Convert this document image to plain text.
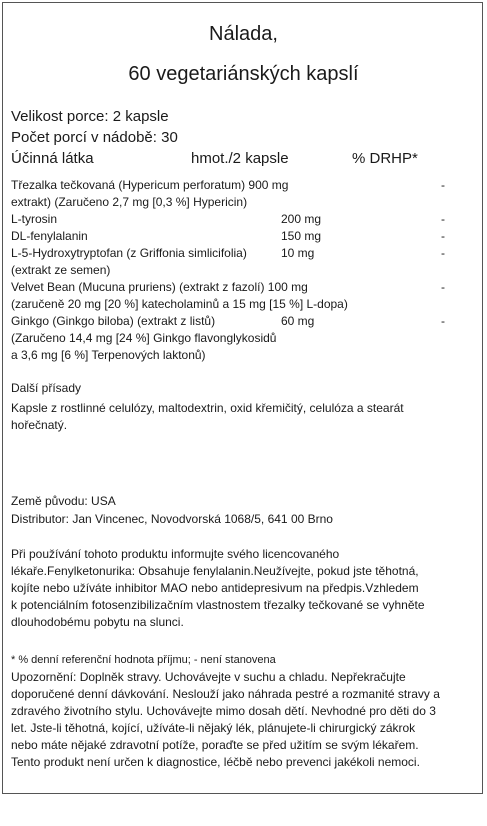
Nálada,
60 vegetariánských kapslí
Velikost porce: 2 kapsle
Počet porcí v nádobě: 30
Účinná látka	hmot./2 kapsle	% DRHP*
Třezalka tečkovaná (Hypericum perforatum) 900 mg	-
extrakt) (Zaručeno 2,7 mg [0,3 %] Hypericin)
L-tyrosin	200 mg	-
DL-fenylalanin	150 mg	-
L-5-Hydroxytryptofan (z Griffonia simlicifolia)	10 mg	-
(extrakt ze semen)
Velvet Bean (Mucuna pruriens) (extrakt z fazolí) 100 mg	-
(zaručeně 20 mg [20 %] katecholaminů a 15 mg [15 %] L-dopa)
Ginkgo (Ginkgo biloba) (extrakt z listů)	60 mg	-
(Zaručeno 14,4 mg [24 %] Ginkgo flavonglykosidů
a 3,6 mg [6 %] Terpenových laktonů)
Další přísady
Kapsle z rostlinné celulózy, maltodextrin, oxid křemičitý, celulóza a stearát
hořečnatý.
Země původu: USA
Distributor: Jan Vincenec, Novodvorská 1068/5, 641 00 Brno
Při používání tohoto produktu informujte svého licencovaného
lékaře.Fenylketonurika: Obsahuje fenylalanin.Neužívejte, pokud jste těhotná,
kojíte nebo užíváte inhibitor MAO nebo antidepresivum na předpis.Vzhledem
k potenciálním fotosenzibilizačním vlastnostem třezalky tečkované se vyhněte
dlouhodobému pobytu na slunci.
* % denní referenční hodnota příjmu; - není stanovena
Upozornění: Doplněk stravy. Uchovávejte v suchu a chladu. Nepřekračujte
doporučené denní dávkování. Neslouží jako náhrada pestré a rozmanité stravy a
zdravého životního stylu. Uchovávejte mimo dosah dětí. Nevhodné pro děti do 3
let. Jste-li těhotná, kojící, užíváte-li nějaký lék, plánujete-li chirurgický zákrok
nebo máte nějaké zdravotní potíže, poraďte se před užitím se svým lékařem.
Tento produkt není určen k diagnostice, léčbě nebo prevenci jakékoli nemoci.
